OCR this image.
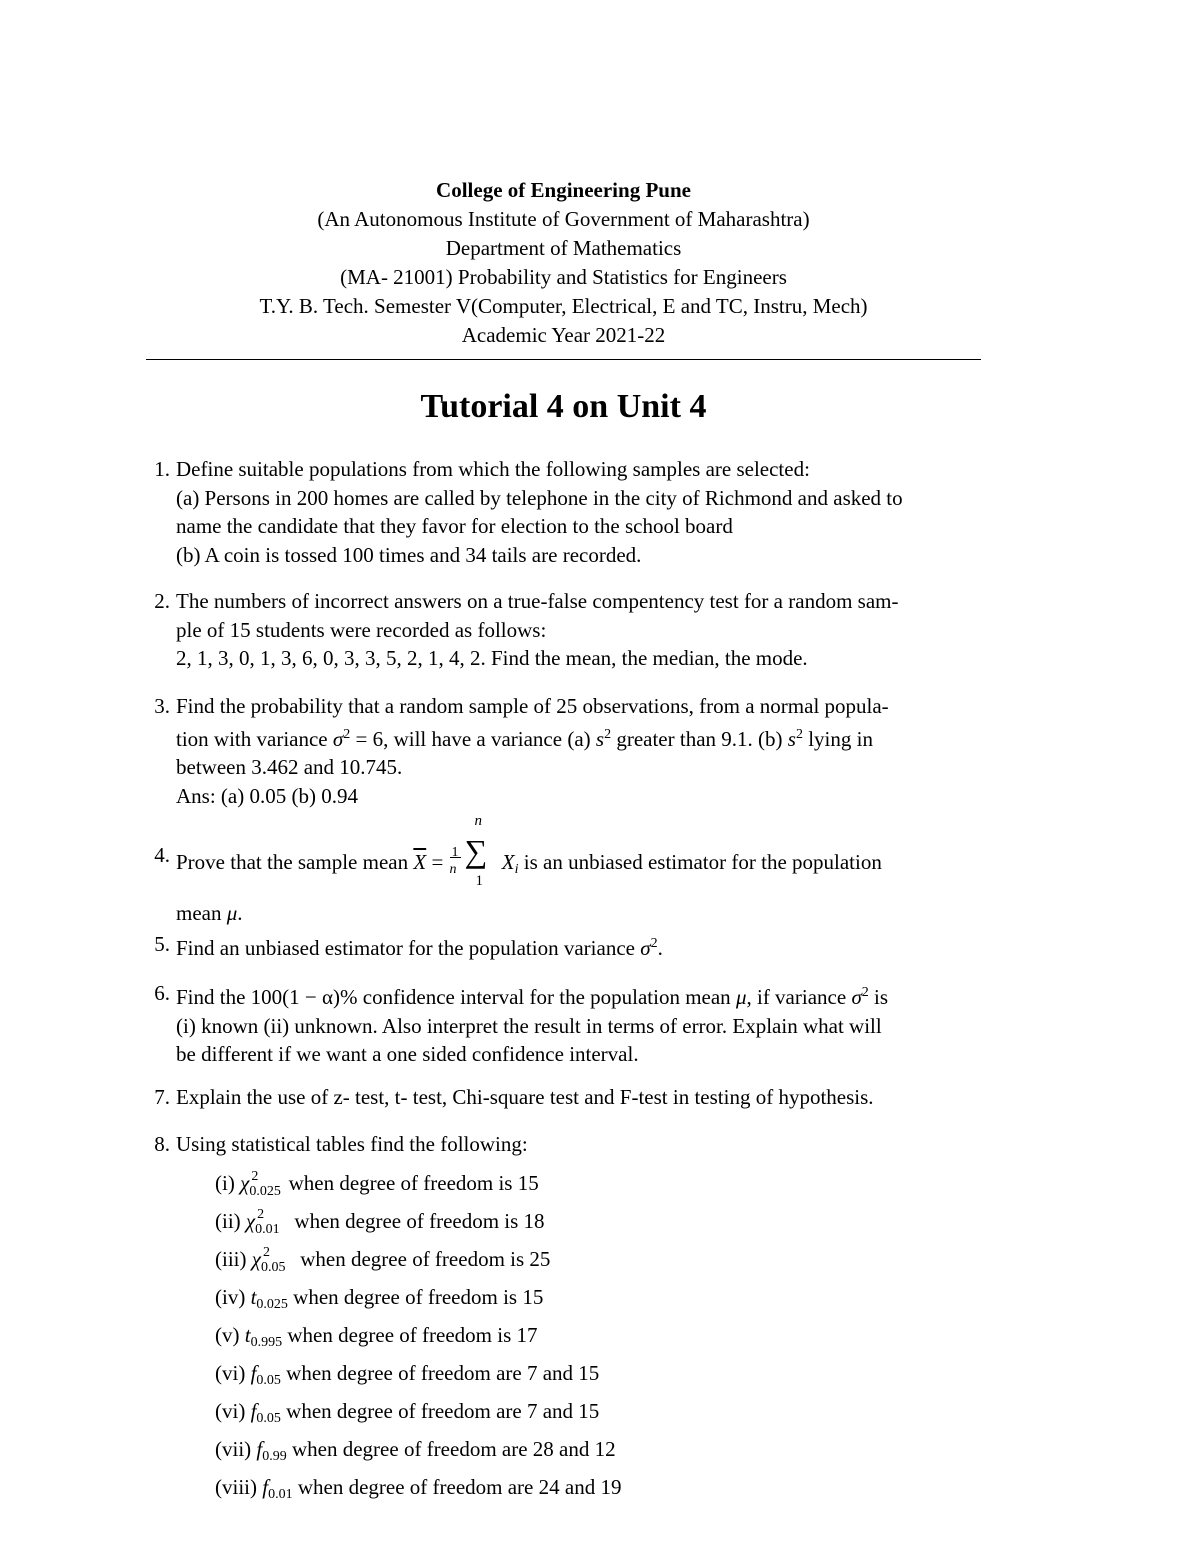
College of Engineering Pune
(An Autonomous Institute of Government of Maharashtra)
Department of Mathematics
(MA- 21001) Probability and Statistics for Engineers
T.Y. B. Tech. Semester V(Computer, Electrical, E and TC, Instru, Mech)
Academic Year 2021-22
Tutorial 4 on Unit 4
1. Define suitable populations from which the following samples are selected:
(a) Persons in 200 homes are called by telephone in the city of Richmond and asked to
name the candidate that they favor for election to the school board
(b) A coin is tossed 100 times and 34 tails are recorded.
2. The numbers of incorrect answers on a true-false compentency test for a random sam-
ple of 15 students were recorded as follows:
2, 1, 3, 0, 1, 3, 6, 0, 3, 3, 5, 2, 1, 4, 2. Find the mean, the median, the mode.
3. Find the probability that a random sample of 25 observations, from a normal popula-
tion with variance $\sigma^2 = 6$, will have a variance (a) $s^2$ greater than 9.1. (b) $s^2$ lying in
between 3.462 and 10.745.
Ans: (a) 0.05 (b) 0.94
4. Prove that the sample mean $\overline{X} = 1$
n
n
∑
1
$X_i$ is an unbiased estimator for the population
mean μ.
5. Find an unbiased estimator for the population variance $\sigma^2$.
6. Find the 100(1 − α)% confidence interval for the population mean μ, if variance $\sigma^2$ is
(i) known (ii) unknown. Also interpret the result in terms of error. Explain what will
be different if we want a one sided confidence interval.
7. Explain the use of z- test, t- test, Chi-square test and F-test in testing of hypothesis.
8. Using statistical tables find the following:
(i) χ 2
0.025 when degree of freedom is 15
(ii) χ 2
0.01 when degree of freedom is 18
(iii) χ 2
0.05 when degree of freedom is 25
(iv) $t_{0.025}$ when degree of freedom is 15
(v) $t_{0.995}$ when degree of freedom is 17
(vi) $f_{0.05}$ when degree of freedom are 7 and 15
(vi) $f_{0.05}$ when degree of freedom are 7 and 15
(vii) $f_{0.99}$ when degree of freedom are 28 and 12
(viii) $f_{0.01}$ when degree of freedom are 24 and 19
